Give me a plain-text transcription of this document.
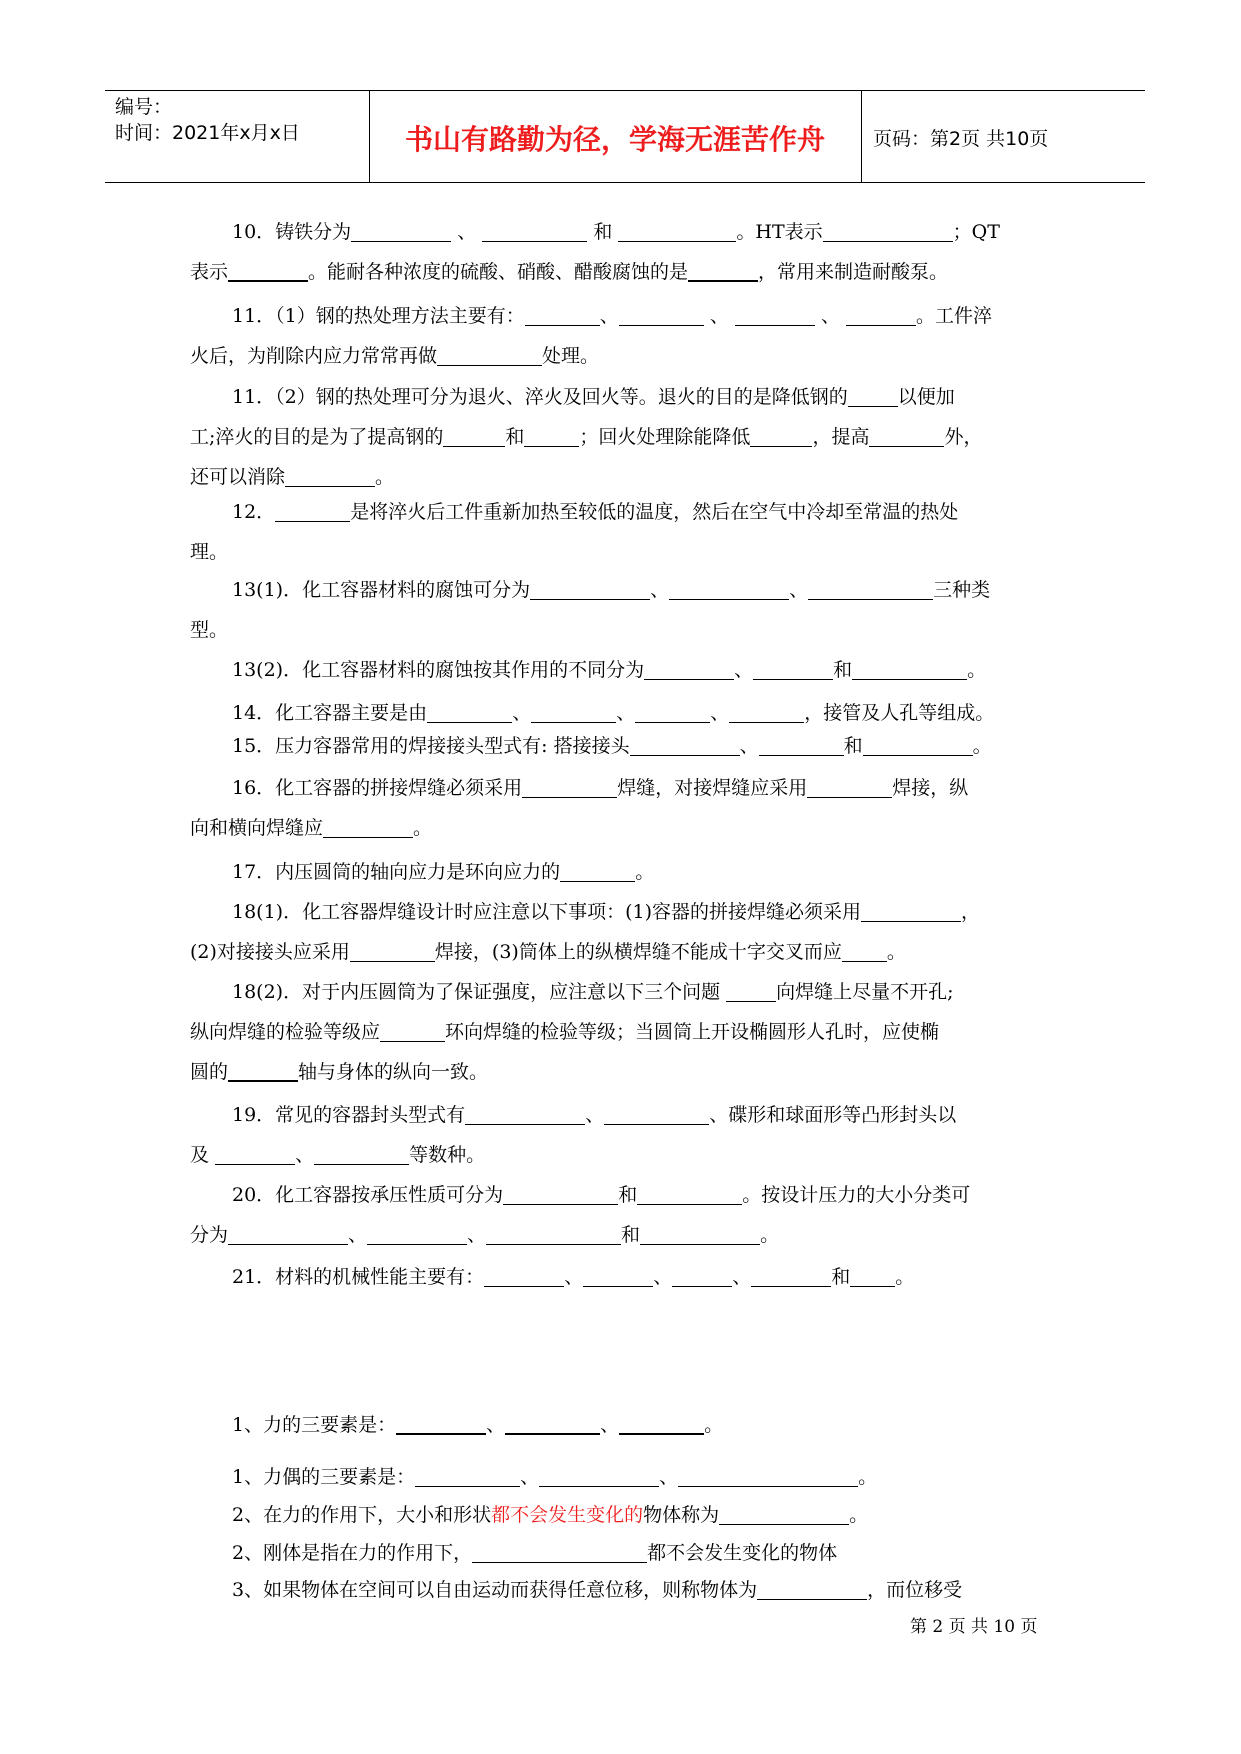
编号：
时间：2021年x月x日	书山有路勤为径，学海无涯苦作舟	页码：第2页 共10页
10．铸铁分为	、	和	。HT表示	；QT
表示	。能耐各种浓度的硫酸、硝酸、醋酸腐蚀的是	，常用来制造耐酸泵。
11．（1）钢的热处理方法主要有：	、	、	、	。工件淬
火后，为削除内应力常常再做	处理。
11．（2）钢的热处理可分为退火、淬火及回火等。退火的目的是降低钢的	以便加
工;淬火的目的是为了提高钢的	和	；回火处理除能降低	，提高	外，
还可以消除	。
12．	是将淬火后工件重新加热至较低的温度，然后在空气中冷却至常温的热处
理。
13(1)．化工容器材料的腐蚀可分为	、	、	三种类
型。
13(2)．化工容器材料的腐蚀按其作用的不同分为	、	和	。
14．化工容器主要是由	、	、	、	，接管及人孔等组成。
15．压力容器常用的焊接接头型式有: 搭接接头	、	和	。
16．化工容器的拼接焊缝必须采用	焊缝，对接焊缝应采用	焊接，纵
向和横向焊缝应	。
17．内压圆筒的轴向应力是环向应力的	。
18(1)．化工容器焊缝设计时应注意以下事项：(1)容器的拼接焊缝必须采用	，
(2)对接接头应采用	焊接，(3)筒体上的纵横焊缝不能成十字交叉而应 。
18(2)．对于内压圆筒为了保证强度，应注意以下三个问题	向焊缝上尽量不开孔;
纵向焊缝的检验等级应	环向焊缝的检验等级；当圆筒上开设椭圆形人孔时，应使椭
圆的	轴与身体的纵向一致。
19．常见的容器封头型式有	、	、碟形和球面形等凸形封头以
及	、	等数种。
20．化工容器按承压性质可分为	和	。按设计压力的大小分类可
分为	、	、	和	。
21．材料的机械性能主要有：	、	、	、	和 。
1、力的三要素是：	、	、	。
1、力偶的三要素是：	、	、	。
2、在力的作用下，大小和形状都不会发生变化的物体称为	。
2、刚体是指在力的作用下，	都不会发生变化的物体
3、如果物体在空间可以自由运动而获得任意位移，则称物体为	，而位移受
第 2 页 共 10 页
